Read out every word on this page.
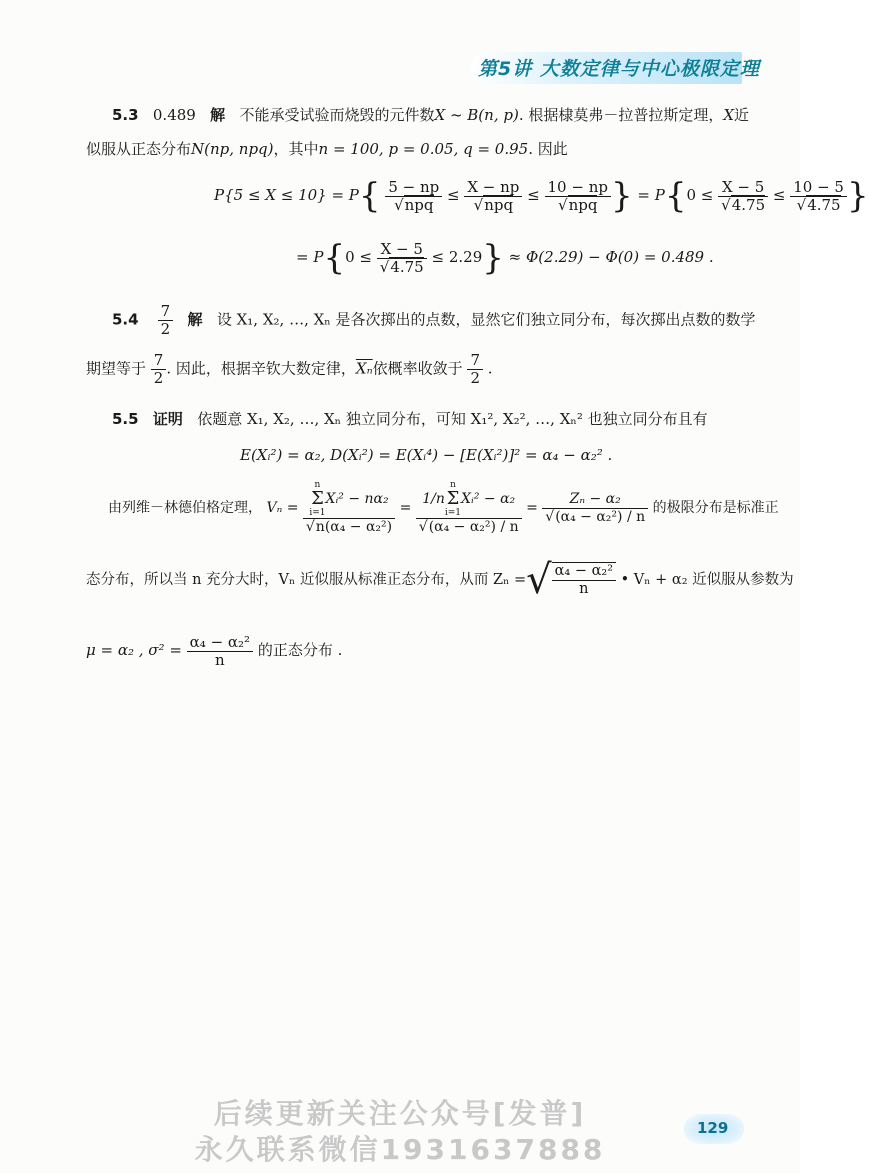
第5讲 大数定律与中心极限定理
5.3 0.489 解 不能承受试验而烧毁的元件数X ~ B(n, p). 根据棣莫弗－拉普拉斯定理，X近
似服从正态分布N(np, npq)，其中n = 100, p = 0.05, q = 0.95. 因此
$P\{5 \le X \le 10\} = P\{ \frac{5 - np}{\text{√npq}} \le \frac{X - np}{\text{√npq}} \le \frac{10 - np}{\text{√npq}}$ } = $P\{0 \le \frac{X - 5}{√4.75} \le \frac{10 - 5}{√4.75}$ }
= $P\{0 \le \frac{X - 5}{√4.75} \le 2.29\} \approx \Phi(2.29) - \Phi(0) = 0.489$ .
$5.4 \frac{7}{2}$ 解 设 X₁, X₂, …, Xₙ 是各次掷出的点数，显然它们独立同分布，每次掷出点数的数学
期望等于 $\frac{7}{2}$ . 因此，根据辛钦大数定律，$\overline{X_n}$依概率收敛于 $\frac{7}{2}$ .
5.5 证明 依题意 X₁, X₂, …, Xₙ 独立同分布，可知 X₁², X₂², …, Xₙ² 也独立同分布且有
E(Xᵢ²) = α₂, D(Xᵢ²) = E(Xᵢ⁴) − [E(Xᵢ²)]² = α₄ − α₂² .
由列维－林德伯格定理， Vₙ = n
Σ
i=1Xᵢ² − nα₂
√n(α₄ − α₂²) = 1/nn
Σ
i=1Xᵢ² − α₂
$√(\alpha_4 - \alpha_2^2) / n = \frac{\text{Zₙ − α₂}}{\text{√(α₄ − α₂²) / n}}$ 的极限分布是标准正
态分布，所以当 n 充分大时，Vₙ 近似服从标准正态分布，从而 Zₙ =√ $\frac{\text{α₄ − α₂²}}{n}$ • Vₙ + α₂ 近似服从参数为
μ = α₂ , $\sigma^2 = \frac{\text{α₄ − α₂²}}{n}$ 的正态分布 .
后续更新关注公众号[发普]
永久联系微信1931637888
129
